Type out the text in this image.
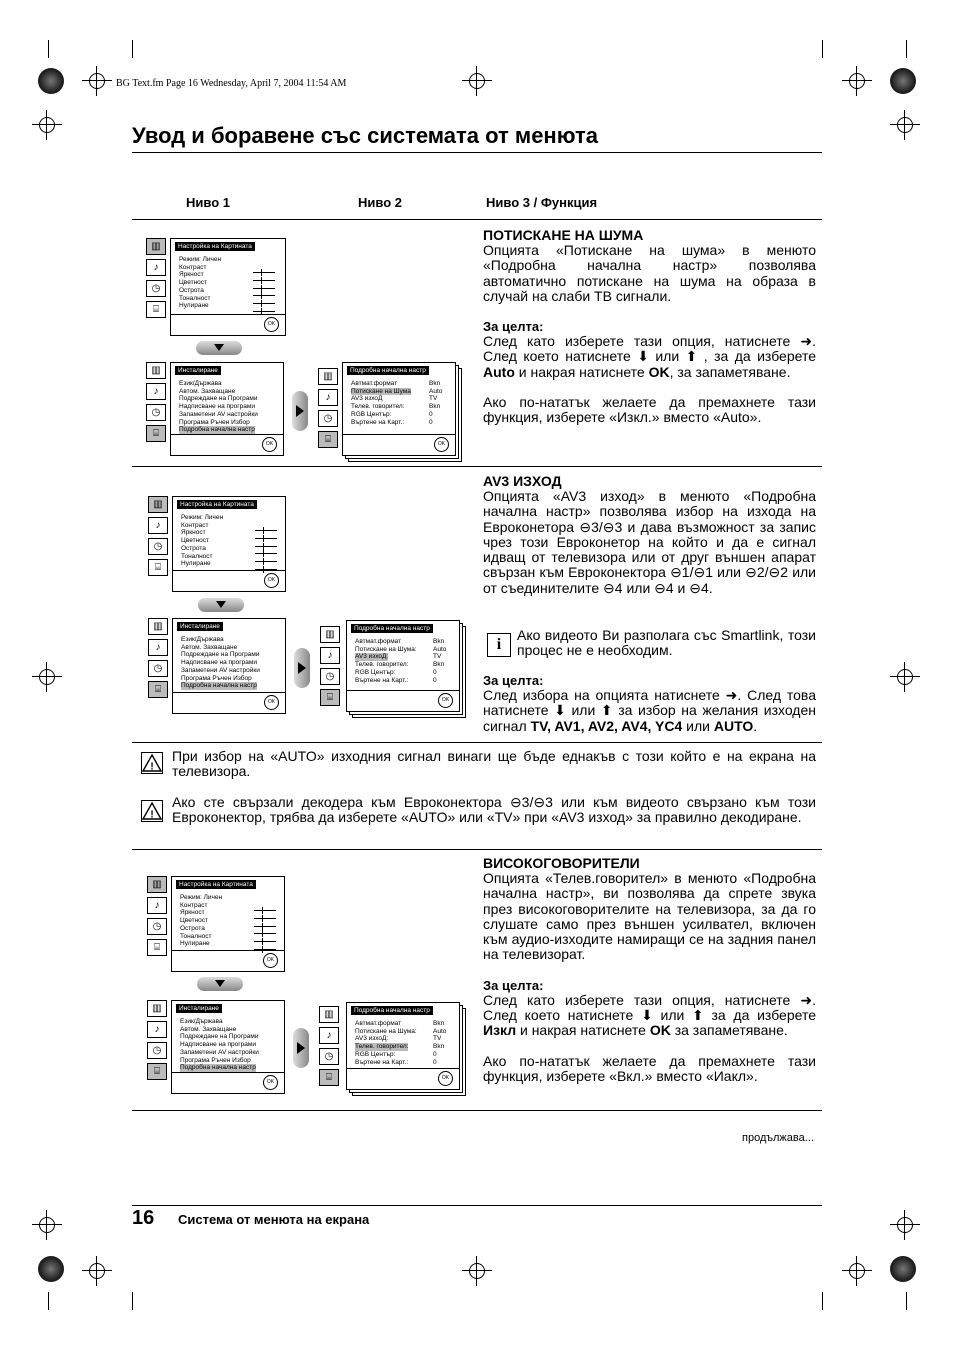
BG Text.fm Page 16 Wednesday, April 7, 2004 11:54 AM
Увод и боравене със системата от менюта
Ниво 1	Ниво 2	Ниво 3 / Функция
▥
♪
◷
⌸
Настройка на Картината
Режим: Личен
Контраст
Яркност
Цветност
Острота
Тоналност
Нулиране
OK
▥
♪
◷
⌸
Инсталиране
Език/Държава
Автом. Захващане
Подреждане на Програми
Надписване на програми
Запаметени AV настройки
Програма Ръчен Избор
Подробна начална настр
OK
▥
♪
◷
⌸
Подробна начална настр
Автмат.формат
Потискане на Шума
AV3 изхоД
Телев. говорител:
RGB Център:
Въртене на Карт.:
Bkn
Auto
TV
Bkn
0
0
OK
ПОТИСКАНЕ НА ШУМА
Опцията «Потискане на шума» в менюто «Подробна начална настр» позволява автоматично потискане на шума на образа в случай на слаби ТВ сигнали.
За целта:
След като изберете тази опция, натиснете ➜. След което натиснете ⬇ или ⬆ , за да изберете Auto и накрая натиснете OK, за запаметяване.
Ако по-нататък желаете да премахнете тази функция, изберете «Изкл.» вместо «Auto».
▥
♪
◷
⌸
Настройка на Картината
Режим: Личен
Контраст
Яркност
Цветност
Острота
Тоналност
Нулиране
OK
▥
♪
◷
⌸
Инсталиране
Език/Държава
Автом. Захващане
Подреждане на Програми
Надписване на програми
Запаметени AV настройки
Програма Ръчен Избор
Подробна начална настр
OK
▥
♪
◷
⌸
Подробна начална настр
Автмат.формат
Потискане на Шума:
AV3 изхоД:
Телев. говорител:
RGB Център:
Въртене на Карт.:
Bkn
Auto
TV
Bkn
0
0
OK
AV3 ИЗХОД
Опцията «AV3 изход» в менюто «Подробна начална настр» позволява избор на изхода на Евроконетора ⊖3/⊖3 и дава възможност за запис чрез този Евроконетор на който и да е сигнал идващ от телевизора или от друг външен апарат свързан към Евроконектора ⊖1/⊖1 или ⊖2/⊖2 или от съединителите ⊖4 или ⊖4 и ⊖4.
i
Ако видеото Ви разполага със Smartlink, този процес не е необходим.
За целта:
След избора на опцията натиснете ➜. След това натиснете ⬇ или ⬆ за избор на желания изходен сигнал TV, AV1, AV2, AV4, YC4 или AUTO.
!
При избор на «AUTO» изходния сигнал винаги ще бъде еднакъв с този който е на екрана на телевизора.
!
Ако сте свързали декодера към Евроконектора ⊖3/⊖3 или към видеото свързано към този Евроконектор, трябва да изберете «AUTO» или «TV» при «AV3 изход» за правилно декодиране.
▥
♪
◷
⌸
Настройка на Картината
Режим: Личен
Контраст
Яркност
Цветност
Острота
Тоналност
Нулиране
OK
▥
♪
◷
⌸
Инсталиране
Език/Държава
Автом. Захващане
Подреждане на Програми
Надписване на програми
Запаметени AV настройки
Програма Ръчен Избор
Подробна начална настр
OK
▥
♪
◷
⌸
Подробна начална настр
Автмат.формат
Потискане на Шума:
AV3 изхоД:
Телев. говорител:
RGB Център:
Въртене на Карт.:
Bkn
Auto
TV
Bkn
0
0
OK
ВИСОКОГОВОРИТЕЛИ
Опцията «Телев.говорител» в менюто «Подробна начална настр», ви позволява да спрете звука през високоговорителите на телевизора, за да го слушате само през външен усилвател, включен към аудио-изходите намиращи се на задния панел на телевизорат.
За целта:
След като изберете тази опция, натиснете ➜. След което натиснете ⬇ или ⬆ за да изберете Изкл и накрая натиснете OK за запаметяване.
Ако по-нататък желаете да премахнете тази функция, изберете «Вкл.» вместо «Иакл».
продължава...
16 Система от менюта на екрана
